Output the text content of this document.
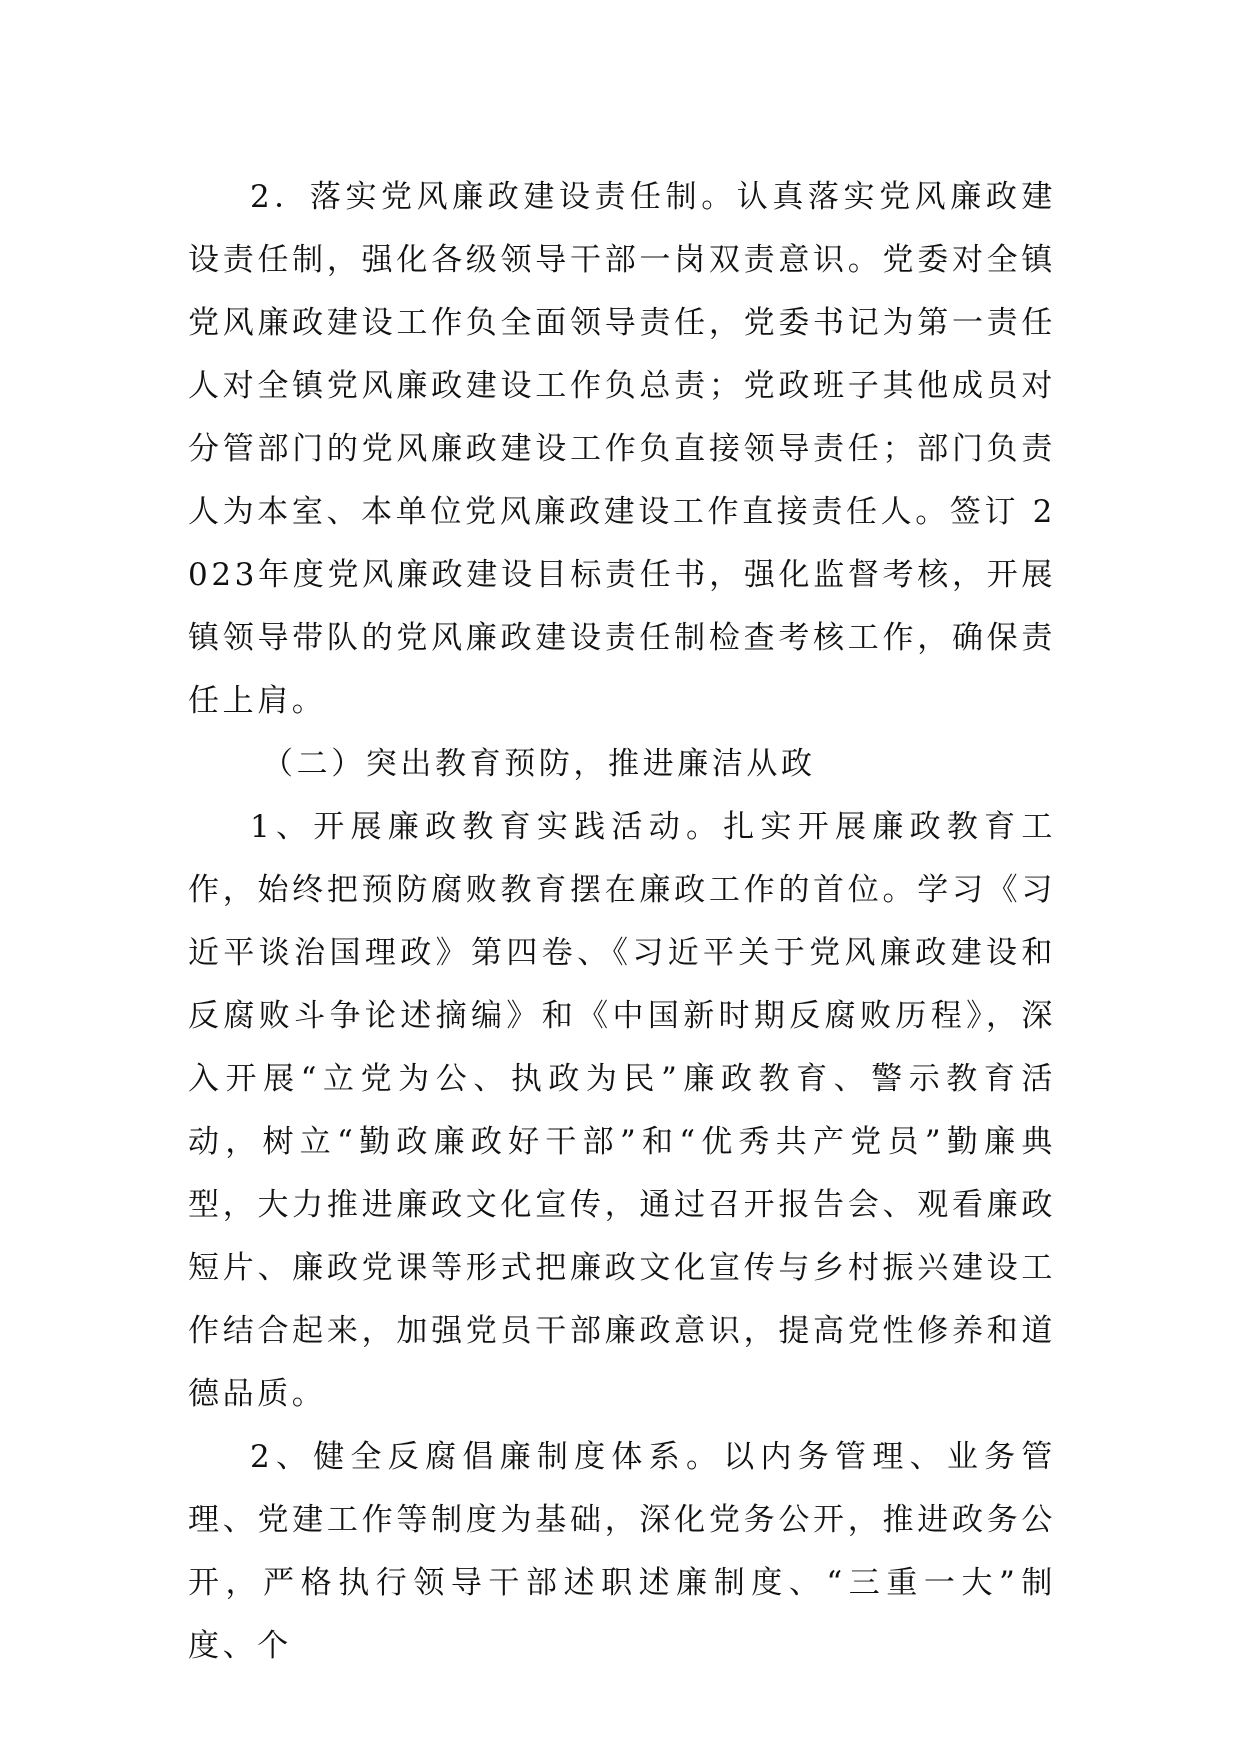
2．落实党风廉政建设责任制。认真落实党风廉政建设责任制，强化各级领导干部一岗双责意识。党委对全镇党风廉政建设工作负全面领导责任，党委书记为第一责任人对全镇党风廉政建设工作负总责；党政班子其他成员对分管部门的党风廉政建设工作负直接领导责任；部门负责人为本室、本单位党风廉政建设工作直接责任人。签订 2023年度党风廉政建设目标责任书，强化监督考核，开展镇领导带队的党风廉政建设责任制检查考核工作，确保责任上肩。

（二）突出教育预防，推进廉洁从政

1、开展廉政教育实践活动。扎实开展廉政教育工作，始终把预防腐败教育摆在廉政工作的首位。学习《习近平谈治国理政》第四卷、《习近平关于党风廉政建设和反腐败斗争论述摘编》和《中国新时期反腐败历程》，深入开展“立党为公、执政为民”廉政教育、警示教育活动，树立“勤政廉政好干部”和“优秀共产党员”勤廉典型，大力推进廉政文化宣传，通过召开报告会、观看廉政短片、廉政党课等形式把廉政文化宣传与乡村振兴建设工作结合起来，加强党员干部廉政意识，提高党性修养和道德品质。

2、健全反腐倡廉制度体系。以内务管理、业务管理、党建工作等制度为基础，深化党务公开，推进政务公开，严格执行领导干部述职述廉制度、“三重一大”制度、个
